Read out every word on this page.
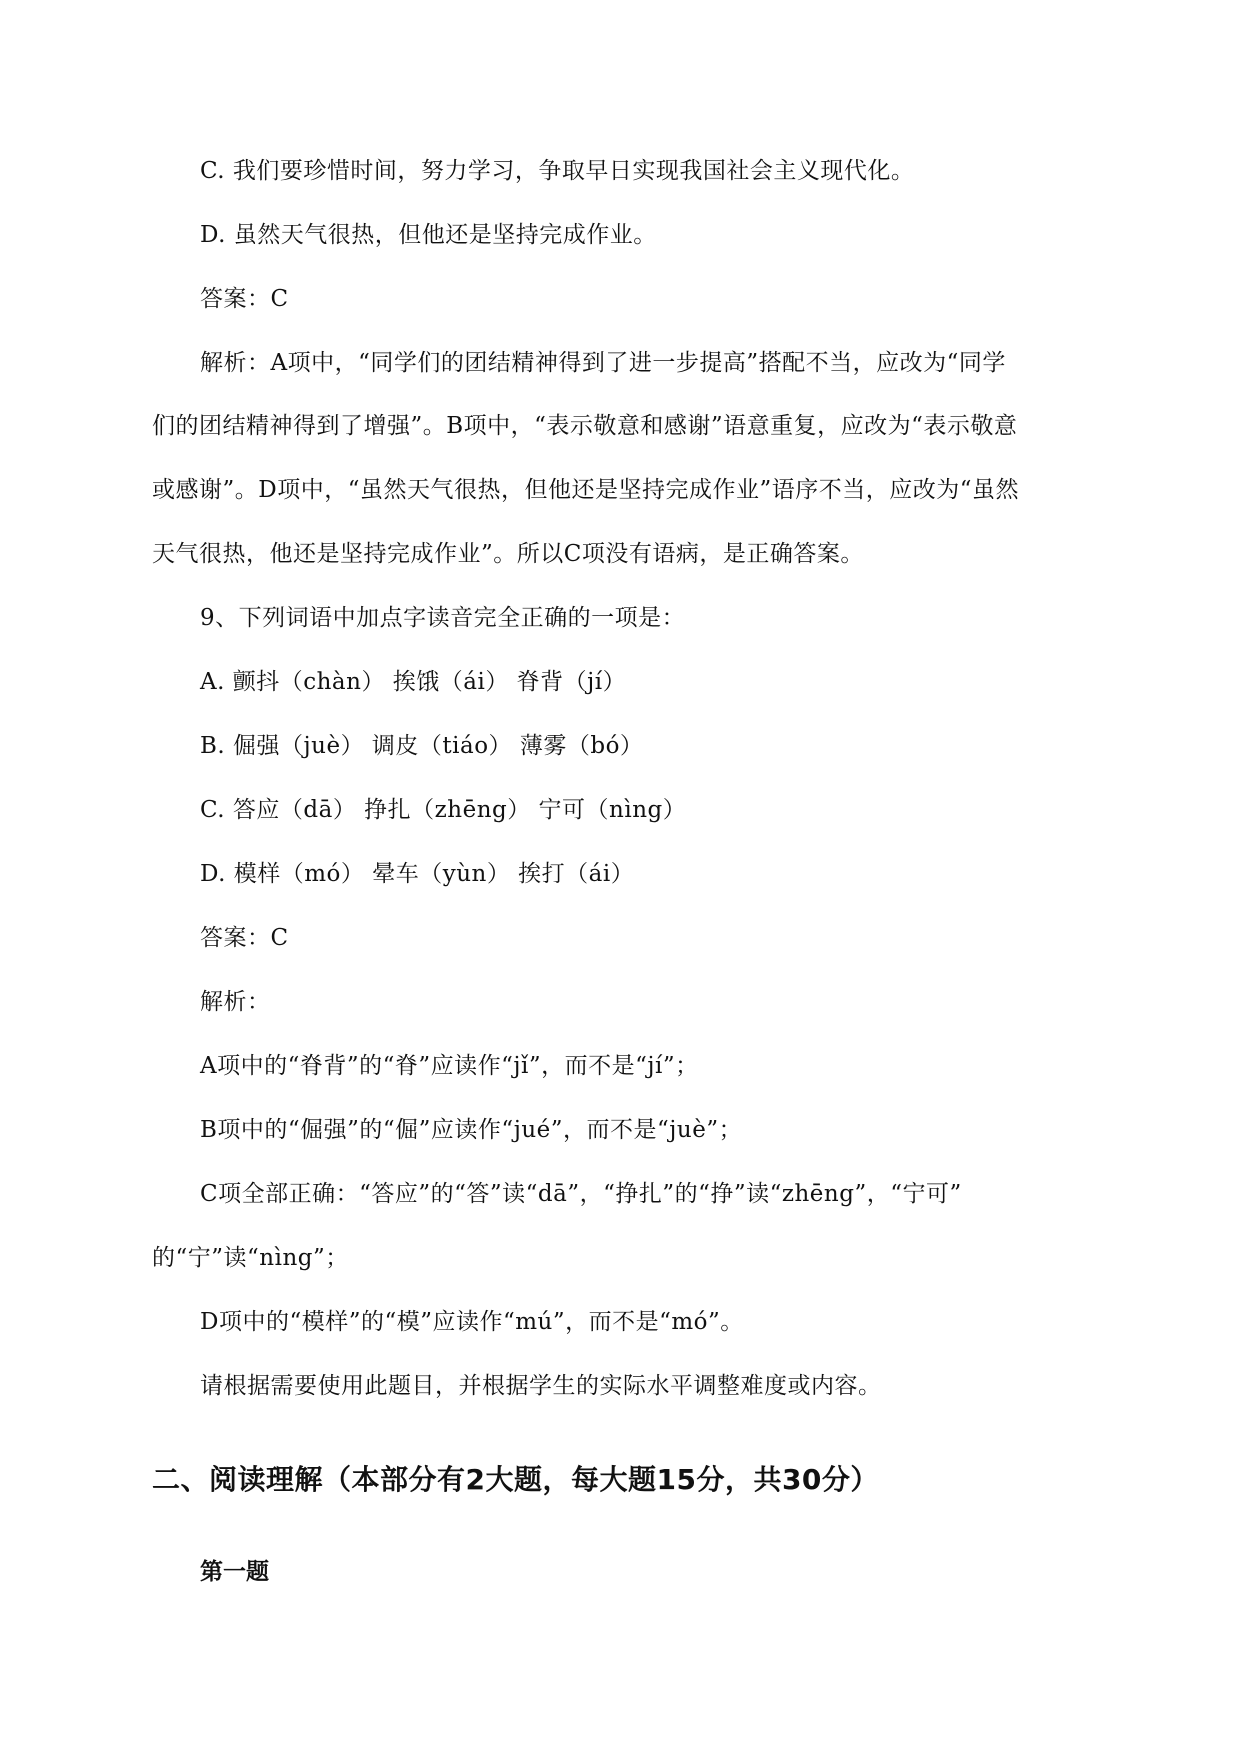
C. 我们要珍惜时间，努力学习，争取早日实现我国社会主义现代化。
D. 虽然天气很热，但他还是坚持完成作业。
答案：C
解析：A项中，“同学们的团结精神得到了进一步提高”搭配不当，应改为“同学
们的团结精神得到了增强”。B项中，“表示敬意和感谢”语意重复，应改为“表示敬意
或感谢”。D项中，“虽然天气很热，但他还是坚持完成作业”语序不当，应改为“虽然
天气很热，他还是坚持完成作业”。所以C项没有语病，是正确答案。
9、下列词语中加点字读音完全正确的一项是：
A. 颤抖（chàn） 挨饿（ái） 脊背（jí）
B. 倔强（juè） 调皮（tiáo） 薄雾（bó）
C. 答应（dā） 挣扎（zhēng） 宁可（nìng）
D. 模样（mó） 晕车（yùn） 挨打（ái）
答案：C
解析：
A项中的“脊背”的“脊”应读作“jǐ”，而不是“jí”；
B项中的“倔强”的“倔”应读作“jué”，而不是“juè”；
C项全部正确：“答应”的“答”读“dā”，“挣扎”的“挣”读“zhēng”，“宁可”
的“宁”读“nìng”；
D项中的“模样”的“模”应读作“mú”，而不是“mó”。
请根据需要使用此题目，并根据学生的实际水平调整难度或内容。
二、阅读理解（本部分有2大题，每大题15分，共30分）
第一题
